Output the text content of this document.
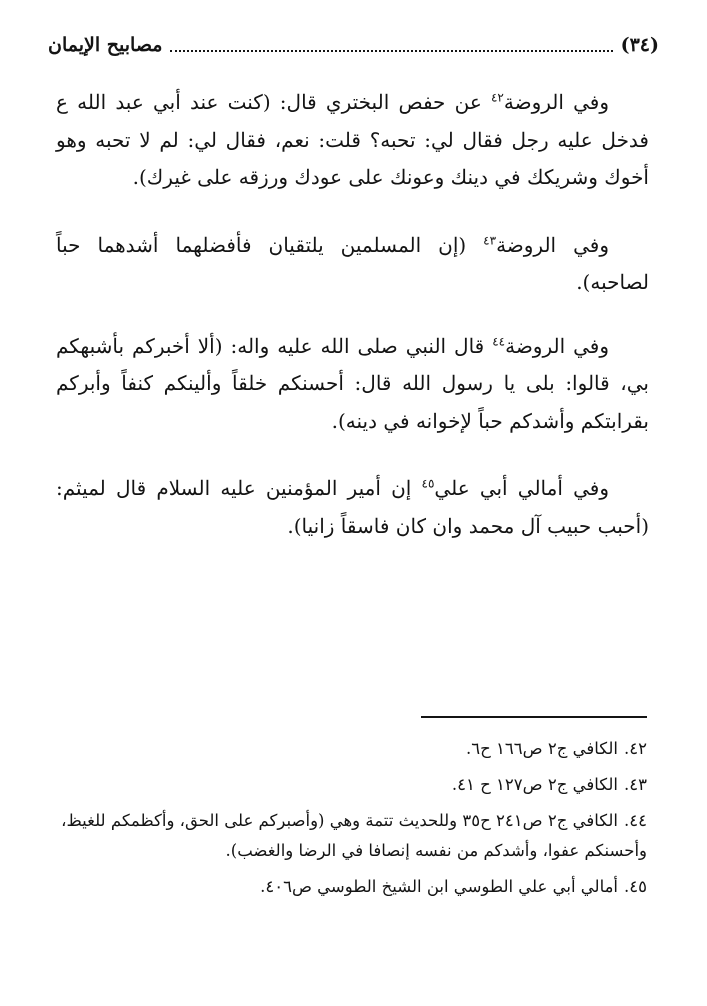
(٣٤)
مصابيح الإيمان

وفي الروضة$^{٤٢}$ عن حفص البختري قال: (كنت عند أبي عبد الله ع فدخل عليه رجل فقال لي: تحبه؟ قلت: نعم، فقال لي: لم لا تحبه وهو أخوك وشريكك في دينك وعونك على عودك ورزقه على غيرك).

وفي الروضة$^{٤٣}$ (إن المسلمين يلتقيان فأفضلهما أشدهما حباً لصاحبه).

وفي الروضة$^{٤٤}$ قال النبي صلى الله عليه واله: (ألا أخبركم بأشبهكم بي، قالوا: بلى يا رسول الله قال: أحسنكم خلقاً وألينكم كنفاً وأبركم بقرابتكم وأشدكم حباً لإخوانه في دينه).

وفي أمالي أبي علي$^{٤٥}$ إن أمير المؤمنين عليه السلام قال لميثم: (أحبب حبيب آل محمد وان كان فاسقاً زانيا).

٤٢.الكافي ج٢ ص١٦٦ ح٦.
٤٣.الكافي ج٢ ص١٢٧ ح ٤١.
٤٤.الكافي ج٢ ص٢٤١ ح٣٥ وللحديث تتمة وهي (وأصبركم على الحق، وأكظمكم للغيظ، وأحسنكم عفوا، وأشدكم من نفسه إنصافا في الرضا والغضب).
٤٥.أمالي أبي علي الطوسي ابن الشيخ الطوسي ص٤٠٦.
